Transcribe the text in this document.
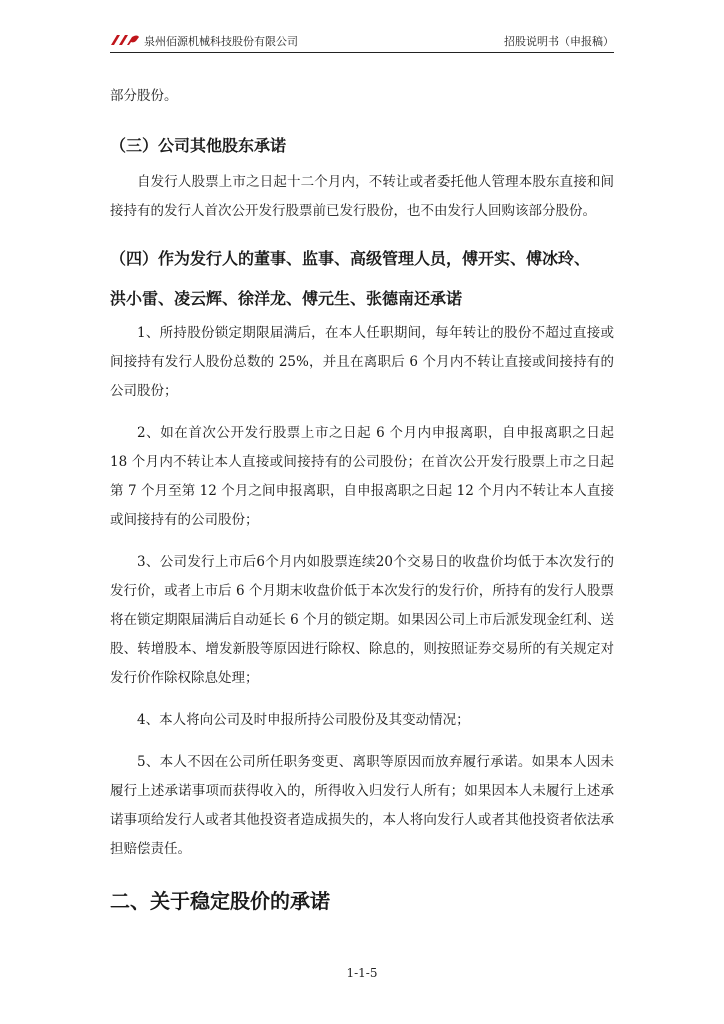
泉州佰源机械科技股份有限公司	招股说明书（申报稿）

部分股份。

（三）公司其他股东承诺

自发行人股票上市之日起十二个月内，不转让或者委托他人管理本股东直接和间接持有的发行人首次公开发行股票前已发行股份，也不由发行人回购该部分股份。

（四）作为发行人的董事、监事、高级管理人员，傅开实、傅冰玲、
洪小雷、凌云辉、徐洋龙、傅元生、张德南还承诺

1、所持股份锁定期限届满后，在本人任职期间，每年转让的股份不超过直接或间接持有发行人股份总数的 25%，并且在离职后 6 个月内不转让直接或间接持有的公司股份；

2、如在首次公开发行股票上市之日起 6 个月内申报离职，自申报离职之日起 18 个月内不转让本人直接或间接持有的公司股份；在首次公开发行股票上市之日起第 7 个月至第 12 个月之间申报离职，自申报离职之日起 12 个月内不转让本人直接或间接持有的公司股份；

3、公司发行上市后6个月内如股票连续20个交易日的收盘价均低于本次发行的发行价，或者上市后 6 个月期末收盘价低于本次发行的发行价，所持有的发行人股票将在锁定期限届满后自动延长 6 个月的锁定期。如果因公司上市后派发现金红利、送股、转增股本、增发新股等原因进行除权、除息的，则按照证券交易所的有关规定对发行价作除权除息处理；

4、本人将向公司及时申报所持公司股份及其变动情况；

5、本人不因在公司所任职务变更、离职等原因而放弃履行承诺。如果本人因未履行上述承诺事项而获得收入的，所得收入归发行人所有；如果因本人未履行上述承诺事项给发行人或者其他投资者造成损失的，本人将向发行人或者其他投资者依法承担赔偿责任。

二、关于稳定股价的承诺
1-1-5
